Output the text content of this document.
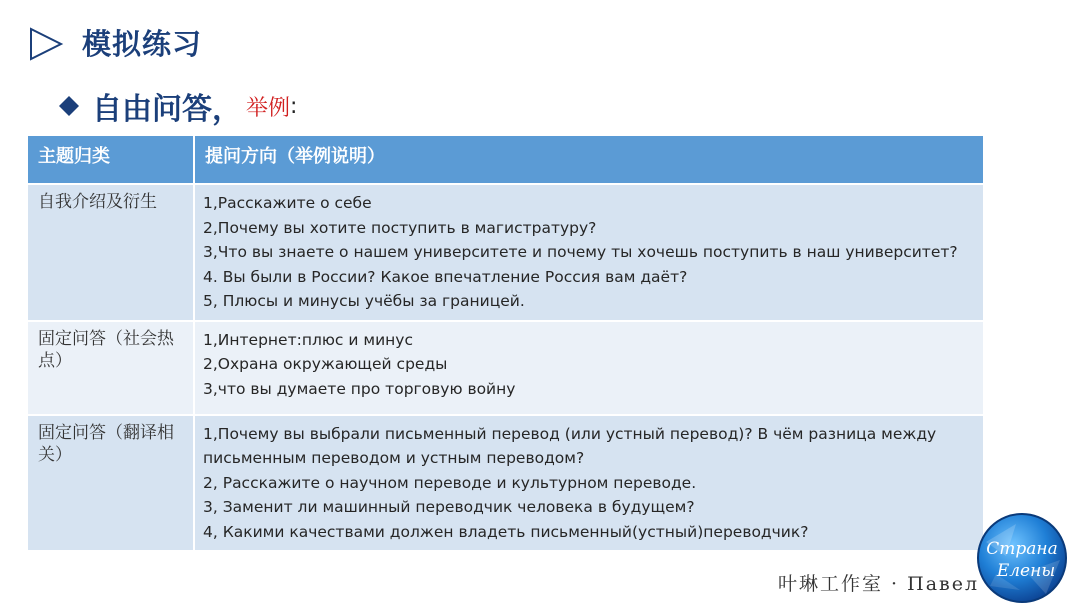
模拟练习
自由问答， 举例 :
主题归类	提问方向（举例说明）
自我介绍及衍生	1,Расскажите о себе
2,Почему вы хотите поступить в магистратуру?
3,Что вы знаете о нашем университете и почему ты хочешь поступить в наш университет?
4. Вы были в России? Какое впечатление Россия вам даёт?
5, Плюсы и минусы учёбы за границей.

固定问答（社会热点）	1,Интернет:плюс и минус
2,Охрана окружающей среды
3,что вы думаете про торговую войну

固定问答（翻译相关）	1,Почему вы выбрали письменный перевод (или устный перевод)? В чём разница между письменным переводом и устным переводом?
2, Расскажите о научном переводе и культурном переводе.
3, Заменит ли машинный переводчик человека в будущем?
4, Какими качествами должен владеть письменный(устный)переводчик?
叶琳工作室 · Павел
Страна
Елены
